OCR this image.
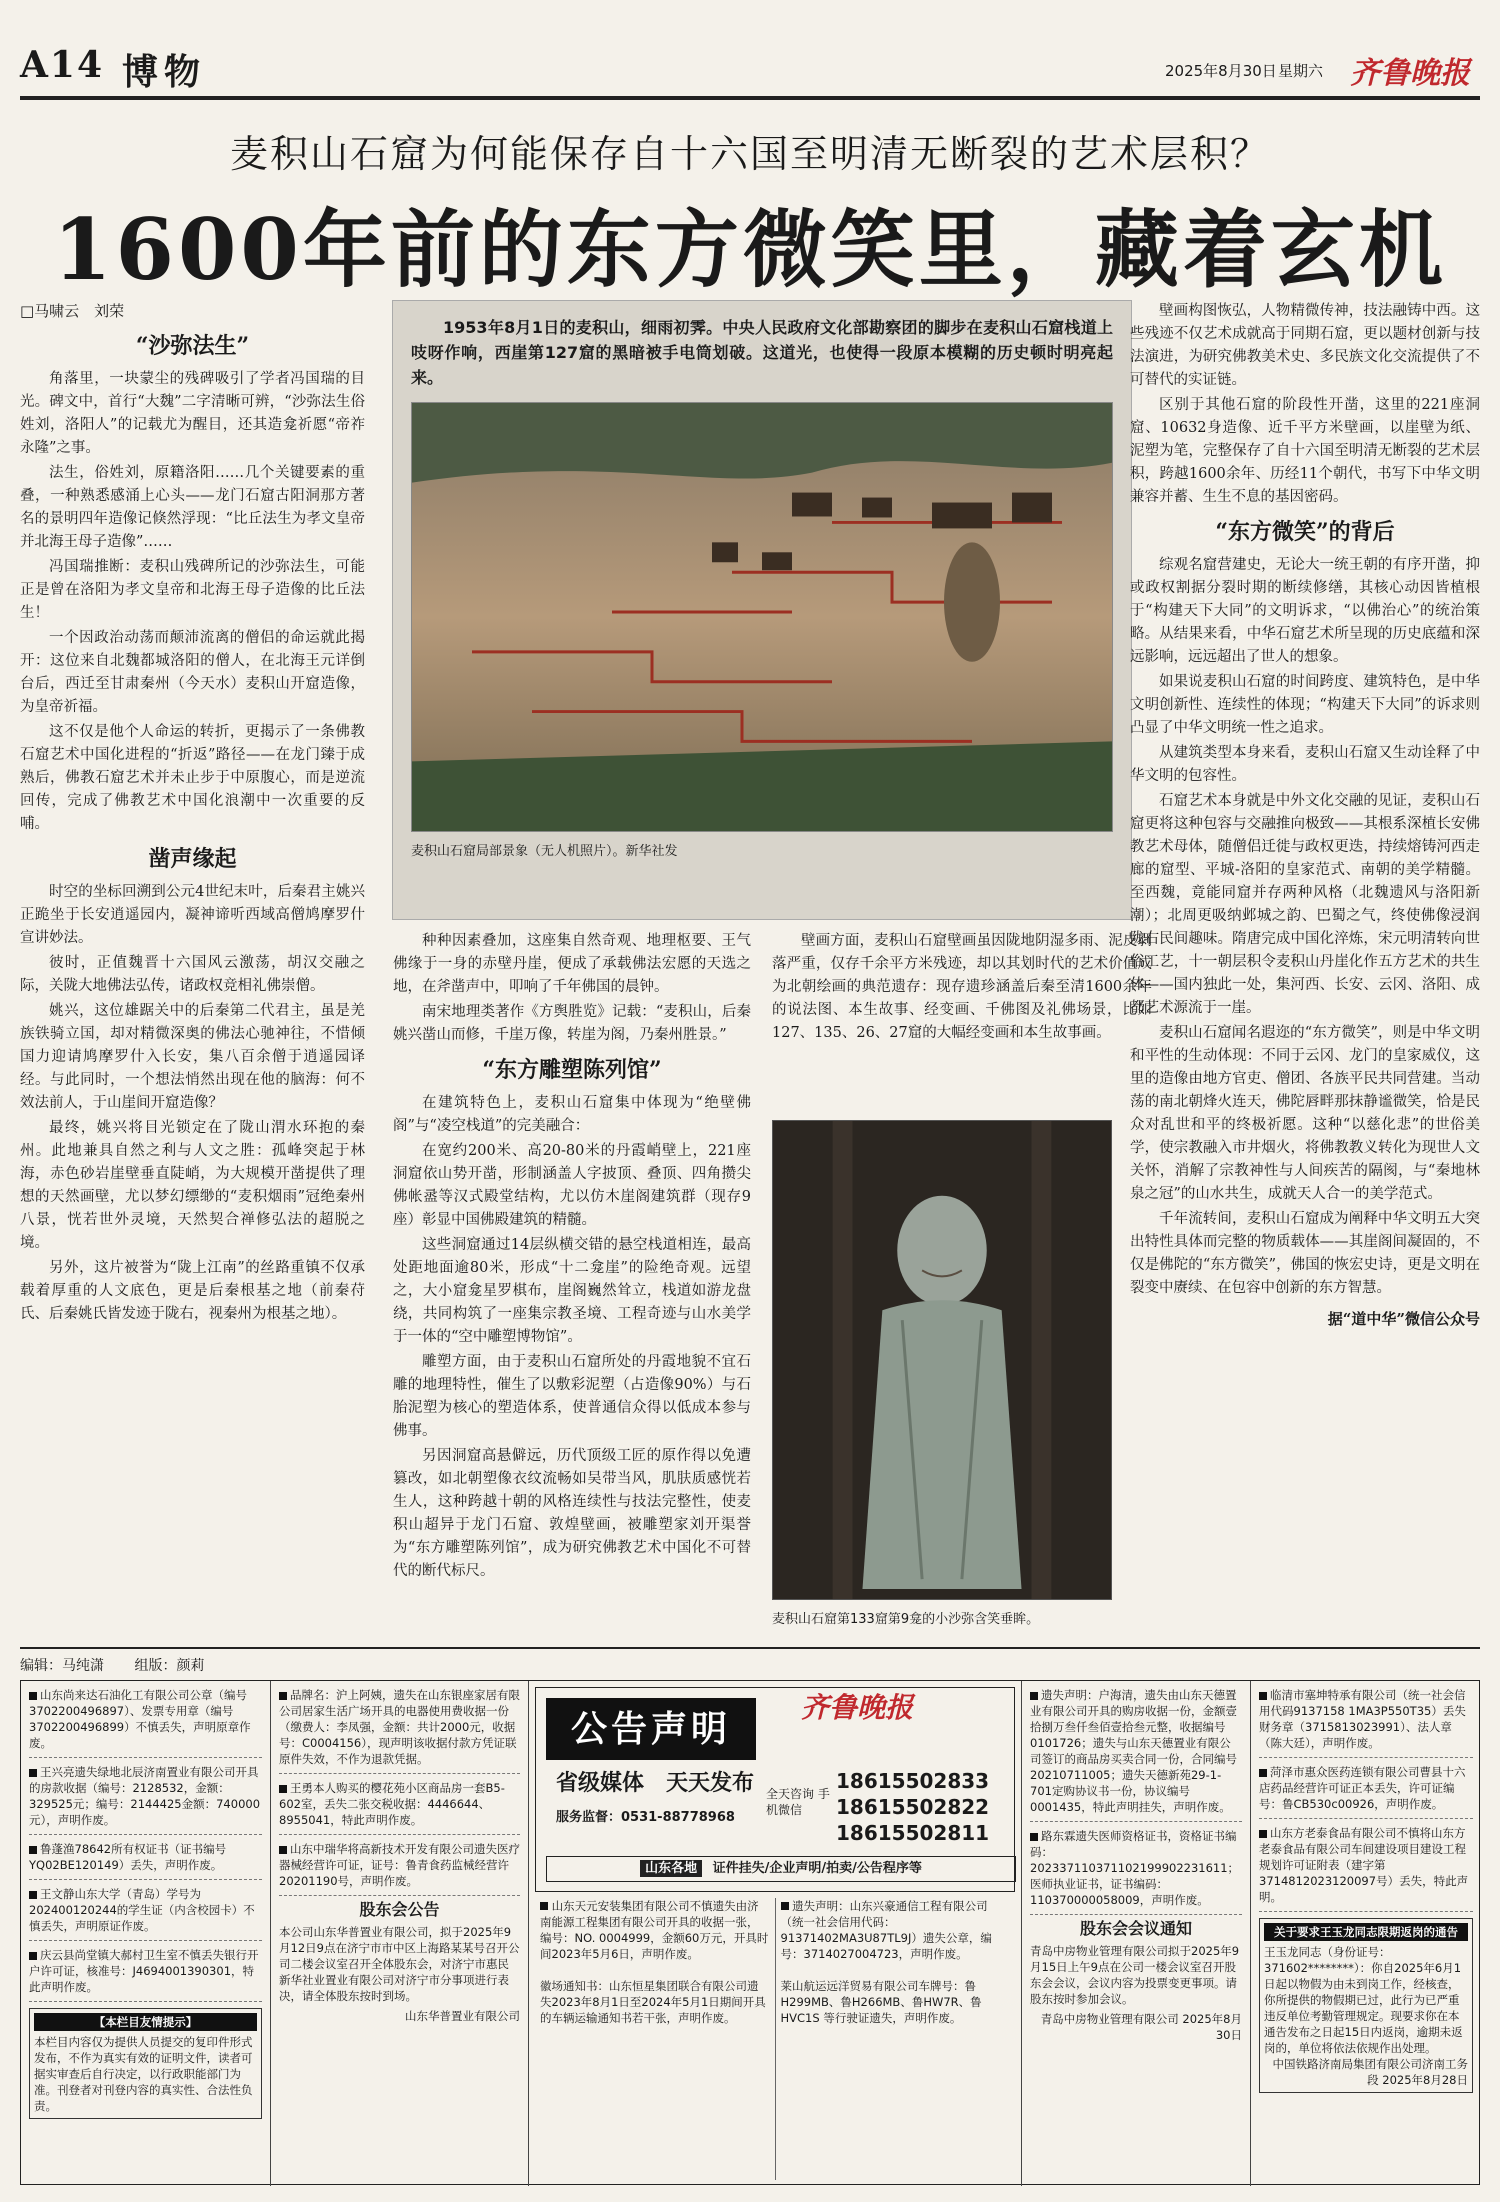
A14 博物	2025年8月30日 星期六 齐鲁晚报
麦积山石窟为何能保存自十六国至明清无断裂的艺术层积？
1600年前的东方微笑里，藏着玄机

□马啸云　刘荣

“沙弥法生”

角落里，一块蒙尘的残碑吸引了学者冯国瑞的目光。碑文中，首行“大魏”二字清晰可辨，“沙弥法生俗姓刘，洛阳人”的记载尤为醒目，还其造龛祈愿“帝祚永隆”之事。

法生，俗姓刘，原籍洛阳……几个关键要素的重叠，一种熟悉感涌上心头——龙门石窟古阳洞那方著名的景明四年造像记倏然浮现：“比丘法生为孝文皇帝并北海王母子造像”……

冯国瑞推断：麦积山残碑所记的沙弥法生，可能正是曾在洛阳为孝文皇帝和北海王母子造像的比丘法生！

一个因政治动荡而颠沛流离的僧侣的命运就此揭开：这位来自北魏都城洛阳的僧人，在北海王元详倒台后，西迁至甘肃秦州（今天水）麦积山开窟造像，为皇帝祈福。

这不仅是他个人命运的转折，更揭示了一条佛教石窟艺术中国化进程的“折返”路径——在龙门臻于成熟后，佛教石窟艺术并未止步于中原腹心，而是逆流回传，完成了佛教艺术中国化浪潮中一次重要的反哺。

凿声缘起

时空的坐标回溯到公元4世纪末叶，后秦君主姚兴正跪坐于长安逍遥园内，凝神谛听西域高僧鸠摩罗什宣讲妙法。

彼时，正值魏晋十六国风云激荡，胡汉交融之际，关陇大地佛法弘传，诸政权竞相礼佛崇僧。

姚兴，这位雄踞关中的后秦第二代君主，虽是羌族铁骑立国，却对精微深奥的佛法心驰神往，不惜倾国力迎请鸠摩罗什入长安，集八百余僧于逍遥园译经。与此同时，一个想法悄然出现在他的脑海：何不效法前人，于山崖间开窟造像？

最终，姚兴将目光锁定在了陇山渭水环抱的秦州。此地兼具自然之利与人文之胜：孤峰突起于林海，赤色砂岩崖壁垂直陡峭，为大规模开凿提供了理想的天然画壁，尤以梦幻缥缈的“麦积烟雨”冠绝秦州八景，恍若世外灵境，天然契合禅修弘法的超脱之境。

另外，这片被誉为“陇上江南”的丝路重镇不仅承载着厚重的人文底色，更是后秦根基之地（前秦苻氏、后秦姚氏皆发迹于陇右，视秦州为根基之地）。

1953年8月1日的麦积山，细雨初霁。中央人民政府文化部勘察团的脚步在麦积山石窟栈道上吱呀作响，西崖第127窟的黑暗被手电筒划破。这道光，也使得一段原本模糊的历史顿时明亮起来。

麦积山石窟局部景象（无人机照片）。新华社发

种种因素叠加，这座集自然奇观、地理枢要、王气佛缘于一身的赤壁丹崖，便成了承载佛法宏愿的天选之地，在斧凿声中，叩响了千年佛国的晨钟。

南宋地理类著作《方舆胜览》记载：“麦积山，后秦姚兴凿山而修，千崖万像，转崖为阁，乃秦州胜景。”

“东方雕塑陈列馆”

在建筑特色上，麦积山石窟集中体现为“绝壁佛阁”与“凌空栈道”的完美融合：

在宽约200米、高20-80米的丹霞峭壁上，221座洞窟依山势开凿，形制涵盖人字披顶、叠顶、四角攒尖佛帐盝等汉式殿堂结构，尤以仿木崖阁建筑群（现存9座）彰显中国佛殿建筑的精髓。

这些洞窟通过14层纵横交错的悬空栈道相连，最高处距地面逾80米，形成“十二龛崖”的险绝奇观。远望之，大小窟龛星罗棋布，崖阁巍然耸立，栈道如游龙盘绕，共同构筑了一座集宗教圣境、工程奇迹与山水美学于一体的“空中雕塑博物馆”。

雕塑方面，由于麦积山石窟所处的丹霞地貌不宜石雕的地理特性，催生了以敷彩泥塑（占造像90%）与石胎泥塑为核心的塑造体系，使普通信众得以低成本参与佛事。

另因洞窟高悬僻远，历代顶级工匠的原作得以免遭篡改，如北朝塑像衣纹流畅如吴带当风，肌肤质感恍若生人，这种跨越十朝的风格连续性与技法完整性，使麦积山超异于龙门石窟、敦煌壁画，被雕塑家刘开渠誉为“东方雕塑陈列馆”，成为研究佛教艺术中国化不可替代的断代标尺。

壁画方面，麦积山石窟壁画虽因陇地阴湿多雨、泥皮剥落严重，仅存千余平方米残迹，却以其划时代的艺术价值成为北朝绘画的典范遗存：现存遗珍涵盖后秦至清1600余年的说法图、本生故事、经变画、千佛图及礼佛场景，比如127、135、26、27窟的大幅经变画和本生故事画。

麦积山石窟第133窟第9龛的小沙弥含笑垂眸。

壁画构图恢弘，人物精微传神，技法融铸中西。这些残迹不仅艺术成就高于同期石窟，更以题材创新与技法演进，为研究佛教美术史、多民族文化交流提供了不可替代的实证链。

区别于其他石窟的阶段性开凿，这里的221座洞窟、10632身造像、近千平方米壁画，以崖壁为纸、泥塑为笔，完整保存了自十六国至明清无断裂的艺术层积，跨越1600余年、历经11个朝代，书写下中华文明兼容并蓄、生生不息的基因密码。

“东方微笑”的背后

综观名窟营建史，无论大一统王朝的有序开凿，抑或政权割据分裂时期的断续修缮，其核心动因皆植根于“构建天下大同”的文明诉求，“以佛治心”的统治策略。从结果来看，中华石窟艺术所呈现的历史底蕴和深远影响，远远超出了世人的想象。

如果说麦积山石窟的时间跨度、建筑特色，是中华文明创新性、连续性的体现；“构建天下大同”的诉求则凸显了中华文明统一性之追求。

从建筑类型本身来看，麦积山石窟又生动诠释了中华文明的包容性。

石窟艺术本身就是中外文化交融的见证，麦积山石窟更将这种包容与交融推向极致——其根系深植长安佛教艺术母体，随僧侣迁徙与政权更迭，持续熔铸河西走廊的窟型、平城-洛阳的皇家范式、南朝的美学精髓。至西魏，竟能同窟并存两种风格（北魏遗风与洛阳新潮）；北周更吸纳邺城之韵、巴蜀之气，终使佛像浸润陇右民间趣味。隋唐完成中国化淬炼，宋元明清转向世俗工艺，十一朝层积令麦积山丹崖化作五方艺术的共生体——国内独此一处，集河西、长安、云冈、洛阳、成都艺术源流于一崖。

麦积山石窟闻名遐迩的“东方微笑”，则是中华文明和平性的生动体现：不同于云冈、龙门的皇家威仪，这里的造像由地方官吏、僧团、各族平民共同营建。当动荡的南北朝烽火连天，佛陀唇畔那抹静谧微笑，恰是民众对乱世和平的终极祈愿。这种“以慈化悲”的世俗美学，使宗教融入市井烟火，将佛教教义转化为现世人文关怀，消解了宗教神性与人间疾苦的隔阂，与“秦地林泉之冠”的山水共生，成就天人合一的美学范式。

千年流转间，麦积山石窟成为阐释中华文明五大突出特性具体而完整的物质载体——其崖阁间凝固的，不仅是佛陀的“东方微笑”，佛国的恢宏史诗，更是文明在裂变中赓续、在包容中创新的东方智慧。

据“道中华”微信公众号

编辑：马纯潇 组版：颜莉
山东尚来达石油化工有限公司公章（编号3702200496897）、发票专用章（编号3702200496899）不慎丢失，声明原章作废。
王兴亮遗失绿地北辰济南置业有限公司开具的房款收据（编号：2128532，金额：329525元；编号：2144425金额：740000元），声明作废。
鲁蓬渔78642所有权证书（证书编号YQ02BE120149）丢失，声明作废。
王文静山东大学（青岛）学号为202400120244的学生证（内含校园卡）不慎丢失，声明原证作废。
庆云县尚堂镇大郝村卫生室不慎丢失银行开户许可证，核准号：J4694001390301，特此声明作废。
【本栏目友情提示】
本栏目内容仅为提供人员提交的复印件形式发布，不作为真实有效的证明文件，读者可据实审查后自行决定，以行政职能部门为准。刊登者对刊登内容的真实性、合法性负责。
品牌名：沪上阿姨，遗失在山东银座家居有限公司居家生活广场开具的电器使用费收据一份（缴费人：李凤强，金额：共计2000元，收据号：C0004156），现声明该收据付款方凭证联原件失效，不作为退款凭据。
王勇本人购买的樱花苑小区商品房一套B5-602室，丢失二张交税收据：4446644、8955041，特此声明作废。
山东中瑞华将高新技术开发有限公司遗失医疗器械经营许可证，证号：鲁青食药监械经营许20201190号，声明作废。
股东会公告
本公司山东华普置业有限公司，拟于2025年9月12日9点在济宁市市中区上海路某某号召开公司二楼会议室召开全体股东会，对济宁市惠民新华社业置业有限公司对济宁市分事项进行表决，请全体股东按时到场。
山东华普置业有限公司
公告声明
齐鲁晚报
省级媒体　天天发布
服务监督：0531-88778968
全天咨询 手机微信
18615502833
18615502822
18615502811
山东各地 证件挂失/企业声明/拍卖/公告程序等
山东天元安装集团有限公司不慎遗失由济南能源工程集团有限公司开具的收据一张，编号：NO. 0004999，金额60万元，开具时间2023年5月6日，声明作废。

徽场通知书：山东恒星集团联合有限公司遗失2023年8月1日至2024年5月1日期间开具的车辆运输通知书若干张，声明作废。
遗失声明：山东兴豪通信工程有限公司（统一社会信用代码：91371402MA3U87TL9J）遗失公章，编号：3714027004723，声明作废。

莱山航运远洋贸易有限公司车牌号：鲁H299MB、鲁H266MB、鲁HW7R、鲁HVC1S 等行驶证遗失，声明作废。
遗失声明：户海清，遗失由山东天德置业有限公司开具的购房收据一份，金额壹拾捌万叁仟叁佰壹拾叁元整，收据编号0101726；遗失与山东天德置业有限公司签订的商品房买卖合同一份，合同编号20210711005；遗失天德新苑29-1-701定购协议书一份，协议编号0001435，特此声明挂失，声明作废。
路东霖遗失医师资格证书，资格证书编码：202337110371102199902231611；医师执业证书，证书编码：110370000058009，声明作废。
股东会会议通知
青岛中房物业管理有限公司拟于2025年9月15日上午9点在公司一楼会议室召开股东会会议，会议内容为投票变更事项。请股东按时参加会议。
青岛中房物业管理有限公司 2025年8月30日
临清市塞坤特承有限公司（统一社会信用代码9137158 1MA3P550T35）丢失财务章（3715813023991）、法人章（陈大廷），声明作废。
菏泽市惠众医药连锁有限公司曹县十六店药品经营许可证正本丢失，许可证编号：鲁CB530c00926，声明作废。
山东方老泰食品有限公司不慎将山东方老泰食品有限公司车间建设项目建设工程规划许可证附表（建字第3714812023120097号）丢失，特此声明。
关于要求王玉龙同志限期返岗的通告
王玉龙同志（身份证号：371602********）：你自2025年6月1日起以物假为由未到岗工作，经核查，你所提供的物假期已过，此行为已严重违反单位考勤管理规定。现要求你在本通告发布之日起15日内返岗，逾期未返岗的，单位将依法依规作出处理。
中国铁路济南局集团有限公司济南工务段 2025年8月28日
